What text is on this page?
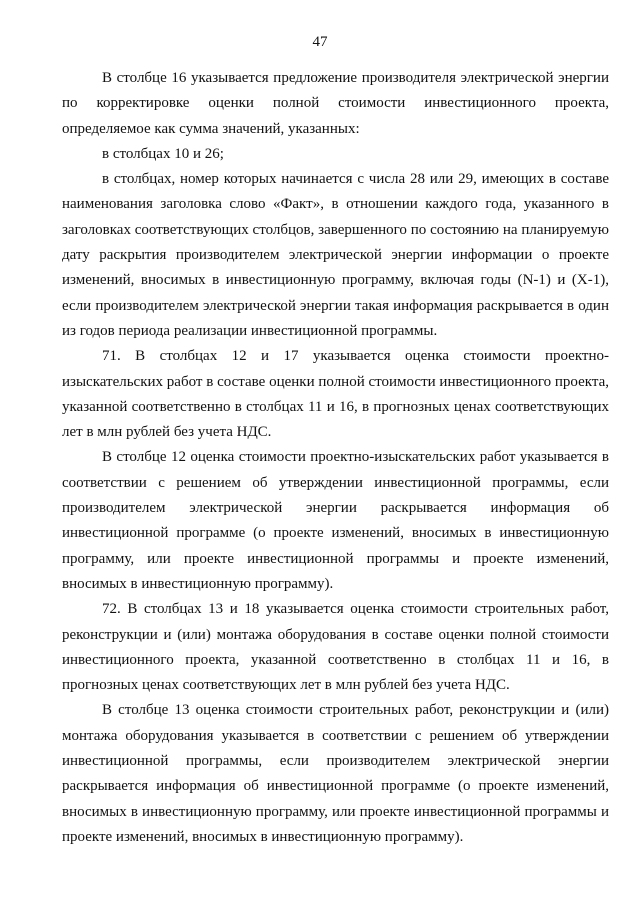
47

В столбце 16 указывается предложение производителя электрической энергии по корректировке оценки полной стоимости инвестиционного проекта, определяемое как сумма значений, указанных:

в столбцах 10 и 26;

в столбцах, номер которых начинается с числа 28 или 29, имеющих в составе наименования заголовка слово «Факт», в отношении каждого года, указанного в заголовках соответствующих столбцов, завершенного по состоянию на планируемую дату раскрытия производителем электрической энергии информации о проекте изменений, вносимых в инвестиционную программу, включая годы (N-1) и (X-1), если производителем электрической энергии такая информация раскрывается в один из годов периода реализации инвестиционной программы.

71. В столбцах 12 и 17 указывается оценка стоимости проектно-изыскательских работ в составе оценки полной стоимости инвестиционного проекта, указанной соответственно в столбцах 11 и 16, в прогнозных ценах соответствующих лет в млн рублей без учета НДС.

В столбце 12 оценка стоимости проектно-изыскательских работ указывается в соответствии с решением об утверждении инвестиционной программы, если производителем электрической энергии раскрывается информация об инвестиционной программе (о проекте изменений, вносимых в инвестиционную программу, или проекте инвестиционной программы и проекте изменений, вносимых в инвестиционную программу).

72. В столбцах 13 и 18 указывается оценка стоимости строительных работ, реконструкции и (или) монтажа оборудования в составе оценки полной стоимости инвестиционного проекта, указанной соответственно в столбцах 11 и 16, в прогнозных ценах соответствующих лет в млн рублей без учета НДС.

В столбце 13 оценка стоимости строительных работ, реконструкции и (или) монтажа оборудования указывается в соответствии с решением об утверждении инвестиционной программы, если производителем электрической энергии раскрывается информация об инвестиционной программе (о проекте изменений, вносимых в инвестиционную программу, или проекте инвестиционной программы и проекте изменений, вносимых в инвестиционную программу).
